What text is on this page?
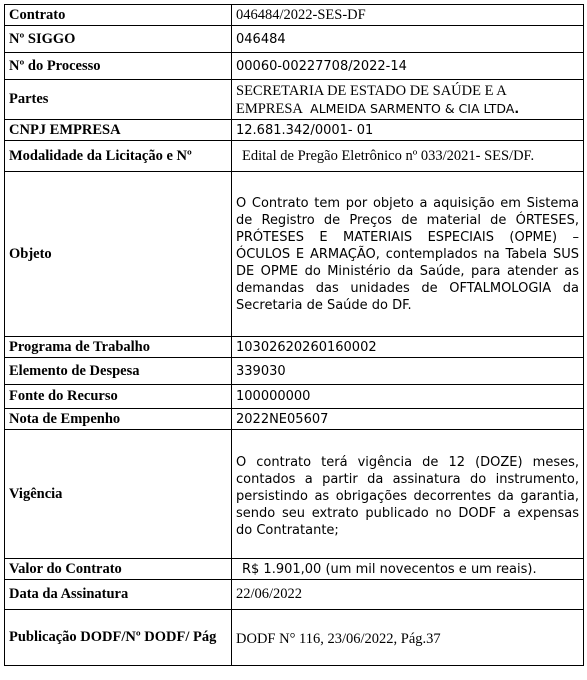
Contrato	046484/2022-SES-DF
Nº SIGGO	046484
Nº do Processo	00060-00227708/2022-14
Partes	SECRETARIA DE ESTADO DE SAÚDE E A
EMPRESA ALMEIDA SARMENTO & CIA LTDA.

CNPJ EMPRESA	12.681.342/0001- 01
Modalidade da Licitação e Nº	Edital de Pregão Eletrônico nº 033/2021- SES/DF.
Objeto	O Contrato tem por objeto a aquisição em Sistema de Registro de Preços de material de ÓRTESES, PRÓTESES E MATERIAIS ESPECIAIS (OPME) – ÓCULOS E ARMAÇÃO, contemplados na Tabela SUS DE OPME do Ministério da Saúde, para atender as demandas das unidades de OFTALMOLOGIA da Secretaria de Saúde do DF.
Programa de Trabalho	10302620260160002
Elemento de Despesa	339030
Fonte do Recurso	100000000
Nota de Empenho	2022NE05607
Vigência	O contrato terá vigência de 12 (DOZE) meses, contados a partir da assinatura do instrumento, persistindo as obrigações decorrentes da garantia, sendo seu extrato publicado no DODF a expensas do Contratante;
Valor do Contrato	R$ 1.901,00 (um mil novecentos e um reais).
Data da Assinatura	22/06/2022
Publicação DODF/Nº DODF/ Pág	DODF N° 116, 23/06/2022, Pág.37
